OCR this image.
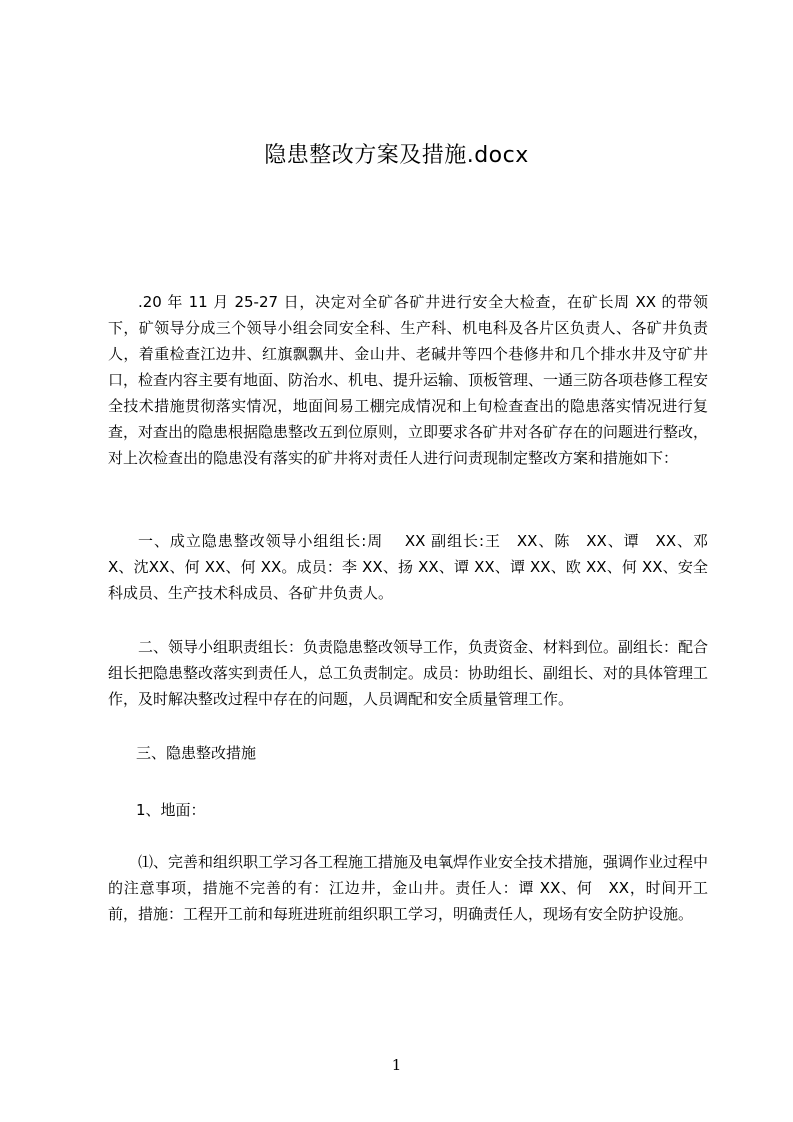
隐患整改方案及措施.docx
.20 年 11 月 25-27 日，决定对全矿各矿井进行安全大检查，在矿长周 XX 的带领下，矿领导分成三个领导小组会同安全科、生产科、机电科及各片区负责人、各矿井负责人，着重检查江边井、红旗飘飘井、金山井、老碱井等四个巷修井和几个排水井及守矿井口，检查内容主要有地面、防治水、机电、提升运输、顶板管理、一通三防各项巷修工程安全技术措施贯彻落实情况，地面间易工棚完成情况和上旬检查查出的隐患落实情况进行复查，对查出的隐患根据隐患整改五到位原则，立即要求各矿井对各矿存在的问题进行整改，对上次检查出的隐患没有落实的矿井将对责任人进行问责现制定整改方案和措施如下：
一、成立隐患整改领导小组组长:周　 XX 副组长:王　XX、陈　XX、谭　XX、邓　X、沈XX、何 XX、何 XX。成员：李 XX、扬 XX、谭 XX、谭 XX、欧 XX、何 XX、安全科成员、生产技术科成员、各矿井负责人。
二、领导小组职责组长：负责隐患整改领导工作，负责资金、材料到位。副组长：配合组长把隐患整改落实到责任人，总工负责制定。成员：协助组长、副组长、对的具体管理工作，及时解决整改过程中存在的问题，人员调配和安全质量管理工作。
三、隐患整改措施
1、地面：
⑴、完善和组织职工学习各工程施工措施及电氧焊作业安全技术措施，强调作业过程中的注意事项，措施不完善的有：江边井，金山井。责任人：谭 XX、何　XX，时间开工前，措施：工程开工前和每班进班前组织职工学习，明确责任人，现场有安全防护设施。
1
